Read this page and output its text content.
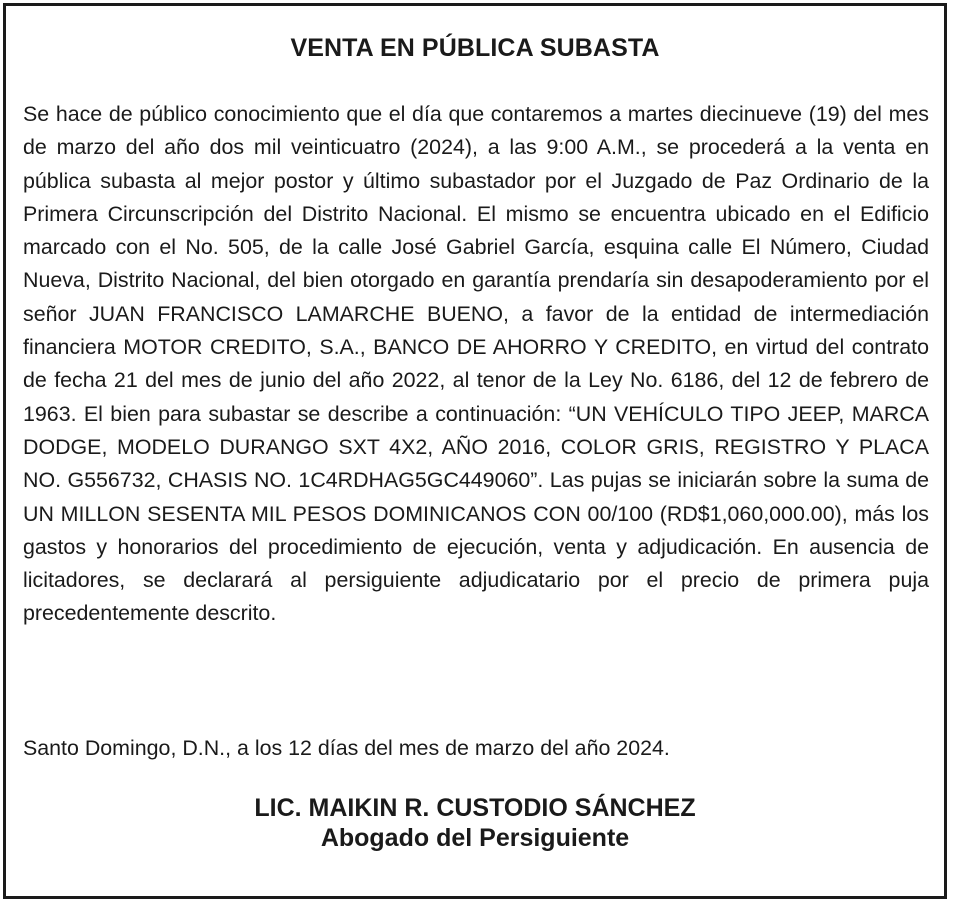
VENTA EN PÚBLICA SUBASTA

Se hace de público conocimiento que el día que contaremos a martes diecinueve (19) del mes de marzo del año dos mil veinticuatro (2024), a las 9:00 A.M., se procederá a la venta en pública subasta al mejor postor y último subastador por el Juzgado de Paz Ordinario de la Primera Circunscripción del Distrito Nacional. El mismo se encuentra ubicado en el Edificio marcado con el No. 505, de la calle José Gabriel García, esquina calle El Número, Ciudad Nueva, Distrito Nacional, del bien otorgado en garantía prendaría sin desapoderamiento por el señor JUAN FRANCISCO LAMARCHE BUENO, a favor de la entidad de intermediación financiera MOTOR CREDITO, S.A., BANCO DE AHORRO Y CREDITO, en virtud del contrato de fecha 21 del mes de junio del año 2022, al tenor de la Ley No. 6186, del 12 de febrero de 1963. El bien para subastar se describe a continuación: “UN VEHÍCULO TIPO JEEP, MARCA DODGE, MODELO DURANGO SXT 4X2, AÑO 2016, COLOR GRIS, REGISTRO Y PLACA NO. G556732, CHASIS NO. 1C4RDHAG5GC449060”. Las pujas se iniciarán sobre la suma de UN MILLON SESENTA MIL PESOS DOMINICANOS CON 00/100 (RD$1,060,000.00), más los gastos y honorarios del procedimiento de ejecución, venta y adjudicación. En ausencia de licitadores, se declarará al persiguiente adjudicatario por el precio de primera puja precedentemente descrito.

Santo Domingo, D.N., a los 12 días del mes de marzo del año 2024.

LIC. MAIKIN R. CUSTODIO SÁNCHEZ
Abogado del Persiguiente
